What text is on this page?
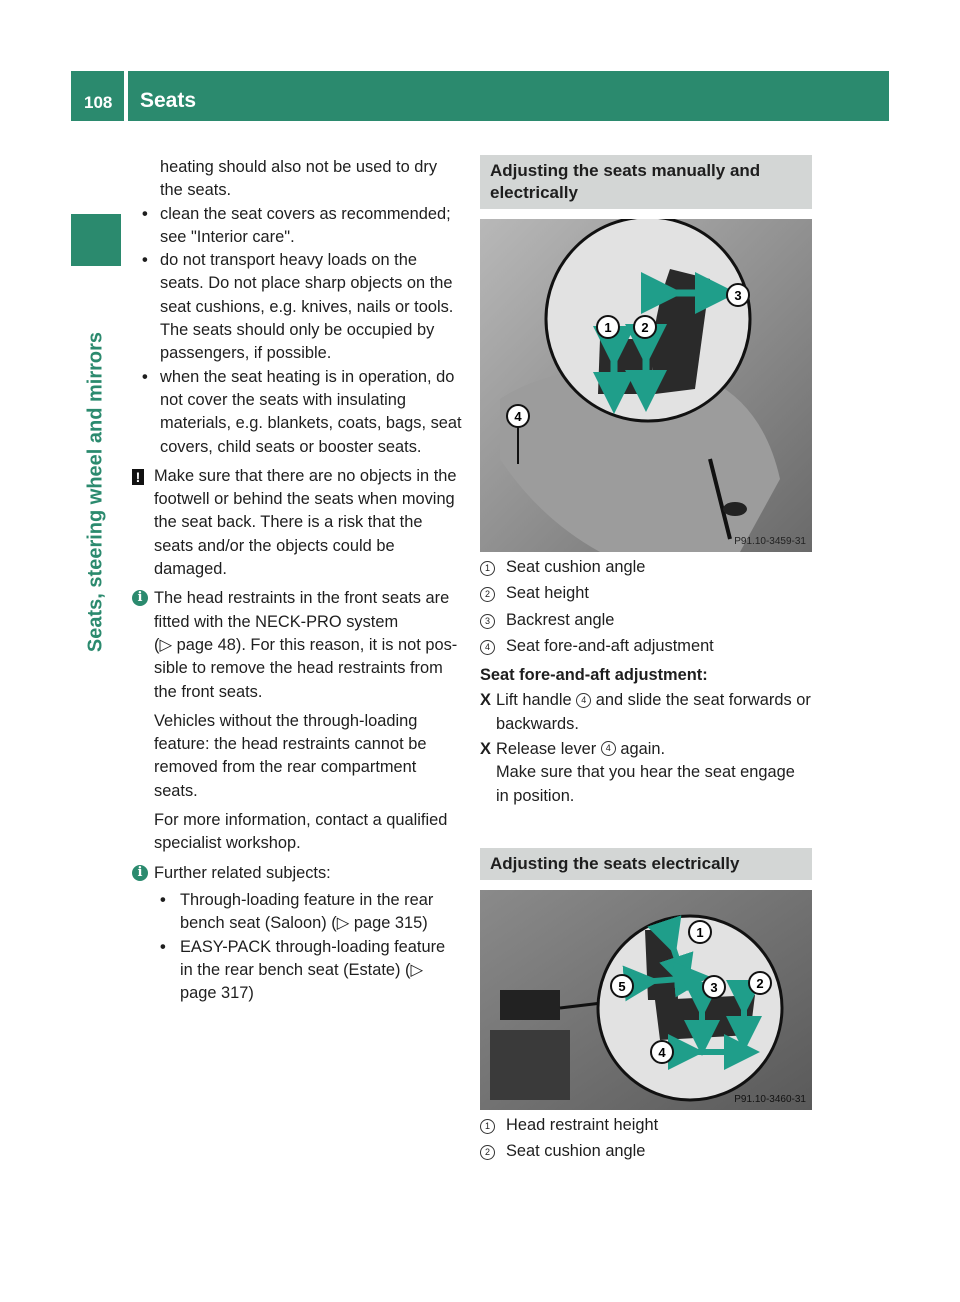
108 Seats
Seats, steering wheel and mirrors

heating should also not be used to dry

the seats.

• clean the seat covers as recommended; see "Interior care".
• do not transport heavy loads on the seats. Do not place sharp objects on the seat cushions, e.g. knives, nails or tools. The seats should only be occupied by passengers, if possible.
• when the seat heating is in operation, do not cover the seats with insulating materials, e.g. blankets, coats, bags, seat covers, child seats or booster seats.
! Make sure that there are no objects in the footwell or behind the seats when moving the seat back. There is a risk that the seats and/or the objects could be damaged.
i The head restraints in the front seats are
fitted with the NECK-PRO system
(▷ page 48). For this reason, it is not pos-
sible to remove the head restraints from
the front seats.

Vehicles without the through-loading feature: the head restraints cannot be removed from the rear compartment seats.

For more information, contact a qualified specialist workshop.

i Further related subjects:
• Through-loading feature in the rear bench seat (Saloon) (▷ page 315)
• EASY-PACK through-loading feature in the rear bench seat (Estate) (▷ page 317)
Adjusting the seats manually and electrically
1 2
3
4
P91.10-3459-31
1 Seat cushion angle
2 Seat height
3 Backrest angle
4 Seat fore-and-aft adjustment
Seat fore-and-aft adjustment:
X Lift handle 4 and slide the seat forwards or backwards.
X Release lever 4 again.
Make sure that you hear the seat engage in position.
Adjusting the seats electrically
1
2
3
4
5
P91.10-3460-31
1 Head restraint height
2 Seat cushion angle
